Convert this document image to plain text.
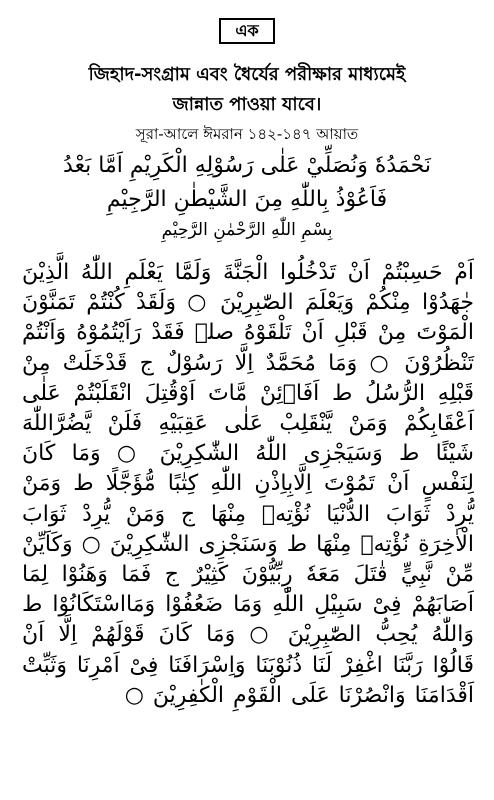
এক
জিহাদ-সংগ্রাম এবং ধৈর্যের পরীক্ষার মাধ্যমেই
জান্নাত পাওয়া যাবে।
সূরা-আলে ঈমরান ১৪২-১৪৭ আয়াত
نَحْمَدُهٗ وَنُصَلِّيْ عَلٰى رَسُوْلِهِ الْكَرِيْمِ اَمَّا بَعْدُ
فَاَعُوْذُ بِاللّٰهِ مِنَ الشَّيْطٰنِ الرَّجِيْمِ
بِسْمِ اللّٰهِ الرَّحْمٰنِ الرَّحِيْمِ
اَمْ حَسِبْتُمْ اَنْ تَدْخُلُوا الْجَنَّةَ وَلَمَّا يَعْلَمِ اللّٰهُ الَّذِيْنَ جٰهَدُوْا مِنْكُمْ وَيَعْلَمَ الصّٰبِرِيْنَ ○ وَلَقَدْ كُنْتُمْ تَمَنَّوْنَ الْمَوْتَ مِنْ قَبْلِ اَنْ تَلْقَوْهُ صلے فَقَدْ رَاَيْتُمُوْهُ وَاَنْتُمْ تَنْظُرُوْنَ ○ وَمَا مُحَمَّدٌ اِلَّا رَسُوْلٌ ج قَدْخَلَتْ مِنْ قَبْلِهِ الرُّسُلُ ط اَفَا۠ئِنْ مَّاتَ اَوْقُتِلَ انْقَلَبْتُمْ عَلٰى اَعْقَابِكُمْ وَمَنْ يَّنْقَلِبْ عَلٰى عَقِبَيْهِ فَلَنْ يَّضُرَّاللّٰهَ شَيْئًا ط وَسَيَجْزِى اللّٰهُ الشّٰكِرِيْنَ ○ وَمَا كَانَ لِنَفْسٍ اَنْ تَمُوْتَ اِلَّابِاِذْنِ اللّٰهِ كِتٰبًا مُّؤَجَّلًا ط وَمَنْ يُّرِدْ ثَوَابَ الدُّنْيَا نُؤْتِهٖ مِنْهَا ج وَمَنْ يُّرِدْ ثَوَابَ الْاٰخِرَةِ نُؤْتِهٖ مِنْهَا ط وَسَنَجْزِى الشّٰكِرِيْنَ ○ وَكَاَيِّنْ مِّنْ نَّبِيٍّ قٰتَلَ مَعَهٗ رِبِّيُّوْنَ كَثِيْرٌ ج فَمَا وَهَنُوْا لِمَا اَصَابَهُمْ فِىْ سَبِيْلِ اللّٰهِ وَمَا ضَعُفُوْا وَمَااسْتَكَانُوْا ط وَاللّٰهُ يُحِبُّ الصّٰبِرِيْنَ ○ وَمَا كَانَ قَوْلَهُمْ اِلَّا اَنْ قَالُوْا رَبَّنَا اغْفِرْ لَنَا ذُنُوْبَنَا وَاِسْرَافَنَا فِىْ اَمْرِنَا وَثَبِّتْ اَقْدَامَنَا وَانْصُرْنَا عَلَى الْقَوْمِ الْكٰفِرِيْنَ ○
